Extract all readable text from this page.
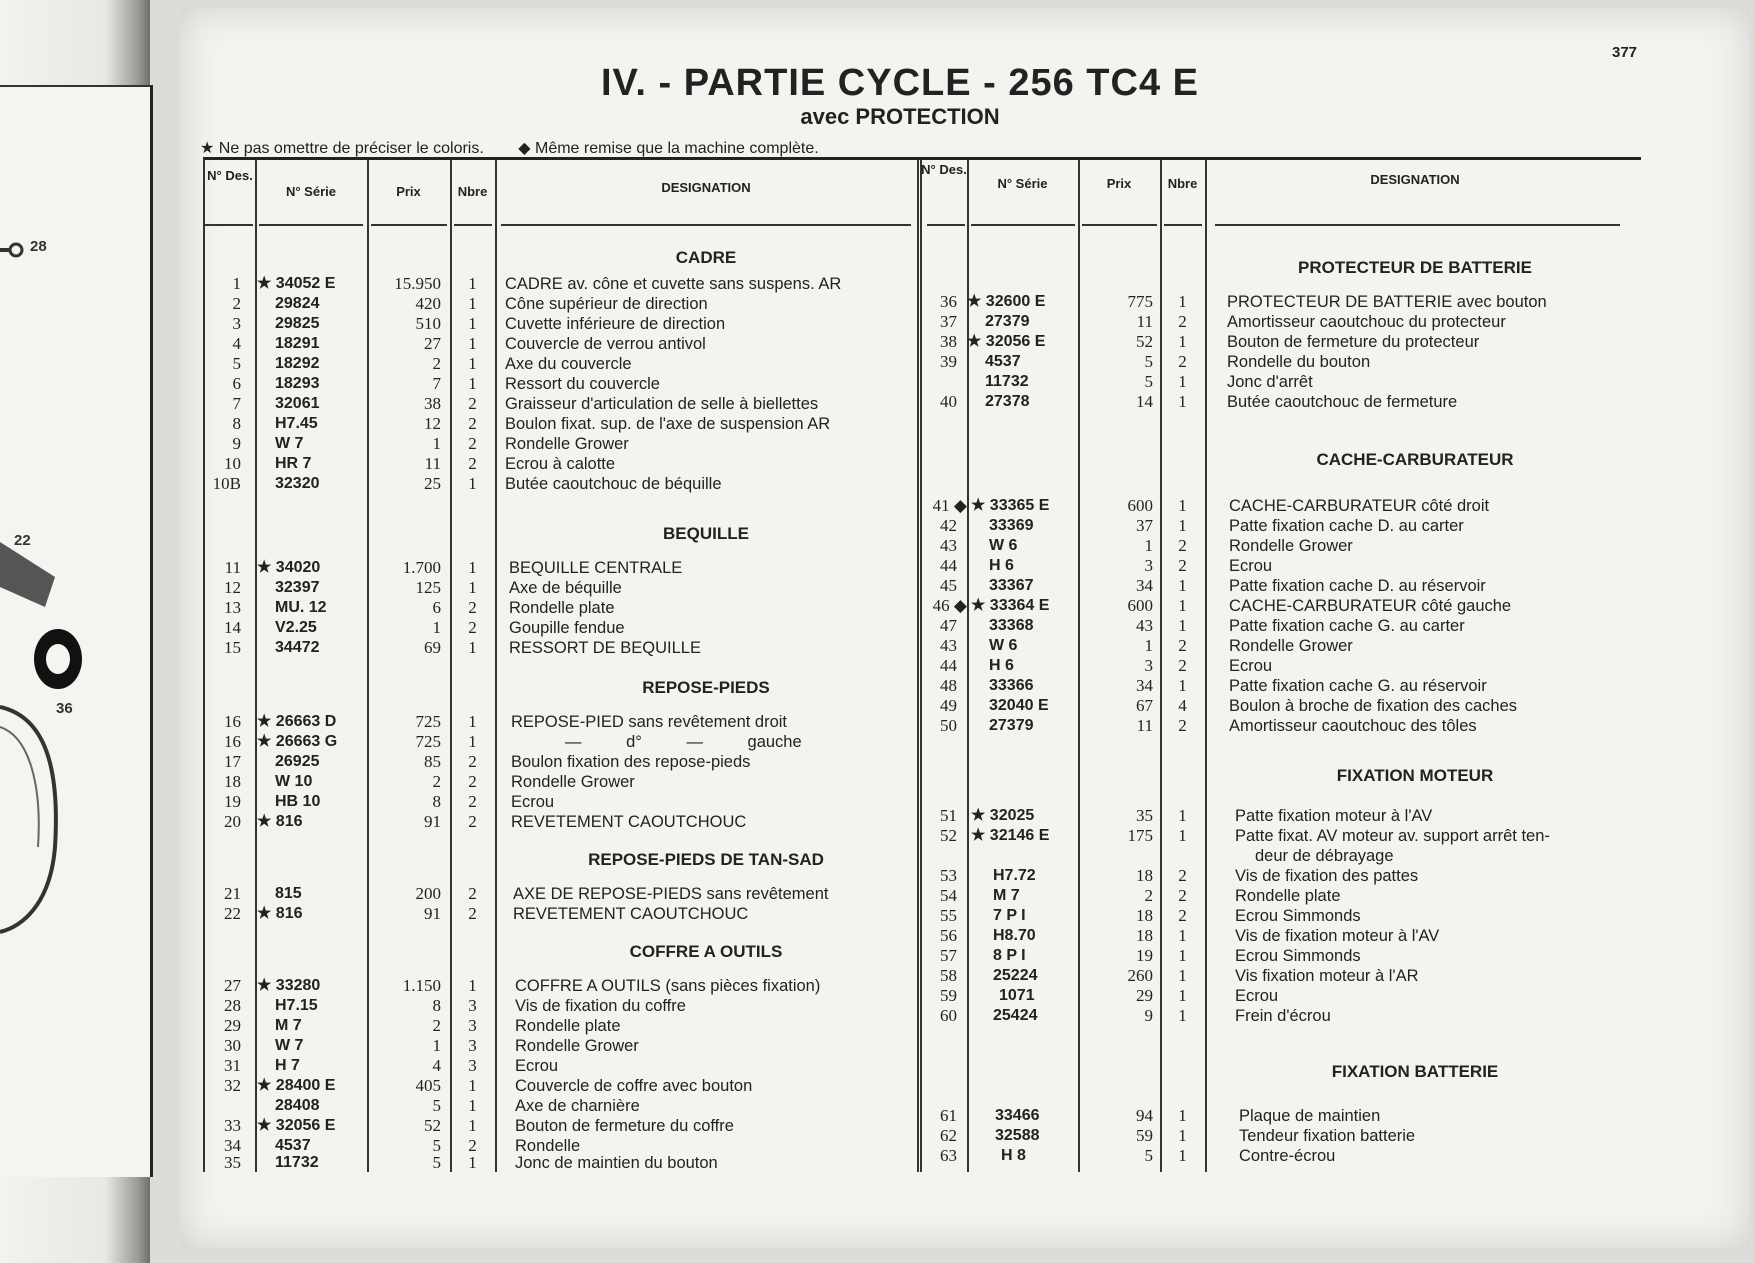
28
22
36
377
IV. - PARTIE CYCLE - 256 TC4 E
avec PROTECTION
★ Ne pas omettre de préciser le coloris. ◆ Même remise que la machine complète.
N° Des.
N° Série	Prix	Nbre	DESIGNATION
N° Des.
N° Série	Prix	Nbre	DESIGNATION
CADRE
1 ★ 34052 E	15.950	1	CADRE av. cône et cuvette sans suspens. AR
2 29824	420	1	Cône supérieur de direction
3 29825	510	1	Cuvette inférieure de direction
4 18291	27	1	Couvercle de verrou antivol
5 18292	2	1	Axe du couvercle
6 18293	7	1	Ressort du couvercle
7 32061	38	2	Graisseur d'articulation de selle à biellettes
8 H7.45	12	2	Boulon fixat. sup. de l'axe de suspension AR
9 W 7	1	2	Rondelle Grower
10 HR 7	11	2	Ecrou à calotte
10B 32320	25	1	Butée caoutchouc de béquille
BEQUILLE
11 ★ 34020	1.700	1	BEQUILLE CENTRALE
12 32397	125	1	Axe de béquille
13 MU. 12	6	2	Rondelle plate
14 V2.25	1	2	Goupille fendue
15 34472	69	1	RESSORT DE BEQUILLE
REPOSE-PIEDS
16 ★ 26663 D	725	1	REPOSE-PIED sans revêtement droit
16 ★ 26663 G	725	1	— d° — gauche
17 26925	85	2	Boulon fixation des repose-pieds
18 W 10	2	2	Rondelle Grower
19 HB 10	8	2	Ecrou
20 ★ 816	91	2	REVETEMENT CAOUTCHOUC
REPOSE-PIEDS DE TAN-SAD
21 815	200	2	AXE DE REPOSE-PIEDS sans revêtement
22 ★ 816	91	2	REVETEMENT CAOUTCHOUC
COFFRE A OUTILS
27 ★ 33280	1.150	1	COFFRE A OUTILS (sans pièces fixation)
28 H7.15	8	3	Vis de fixation du coffre
29 M 7	2	3	Rondelle plate
30 W 7	1	3	Rondelle Grower
31 H 7	4	3	Ecrou
32 ★ 28400 E	405	1	Couvercle de coffre avec bouton
28408	5	1	Axe de charnière
33 ★ 32056 E	52	1	Bouton de fermeture du coffre
34 4537	5	2	Rondelle
35 11732	5	1	Jonc de maintien du bouton
PROTECTEUR DE BATTERIE
36 ★ 32600 E	775	1	PROTECTEUR DE BATTERIE avec bouton
37 27379	11	2	Amortisseur caoutchouc du protecteur
38 ★ 32056 E	52	1	Bouton de fermeture du protecteur
39 4537	5	2	Rondelle du bouton
11732	5	1	Jonc d'arrêt
40 27378	14	1	Butée caoutchouc de fermeture
CACHE-CARBURATEUR
41 ◆ ★ 33365 E	600	1	CACHE-CARBURATEUR côté droit
42 33369	37	1	Patte fixation cache D. au carter
43 W 6	1	2	Rondelle Grower
44 H 6	3	2	Ecrou
45 33367	34	1	Patte fixation cache D. au réservoir
46 ◆ ★ 33364 E	600	1	CACHE-CARBURATEUR côté gauche
47 33368	43	1	Patte fixation cache G. au carter
43 W 6	1	2	Rondelle Grower
44 H 6	3	2	Ecrou
48 33366	34	1	Patte fixation cache G. au réservoir
49 32040 E	67	4	Boulon à broche de fixation des caches
50 27379	11	2	Amortisseur caoutchouc des tôles
FIXATION MOTEUR
51 ★ 32025	35	1	Patte fixation moteur à l'AV
52 ★ 32146 E	175	1	Patte fixat. AV moteur av. support arrêt ten-
deur de débrayage
53 H7.72	18	2	Vis de fixation des pattes
54 M 7	2	2	Rondelle plate
55 7 P I	18	2	Ecrou Simmonds
56 H8.70	18	1	Vis de fixation moteur à l'AV
57 8 P I	19	1	Ecrou Simmonds
58 25224	260	1	Vis fixation moteur à l'AR
59	1071	29	1	Ecrou
60 25424	9	1	Frein d'écrou
FIXATION BATTERIE
61 33466	94	1	Plaque de maintien
62 32588	59	1	Tendeur fixation batterie
63	H 8	5	1	Contre-écrou
